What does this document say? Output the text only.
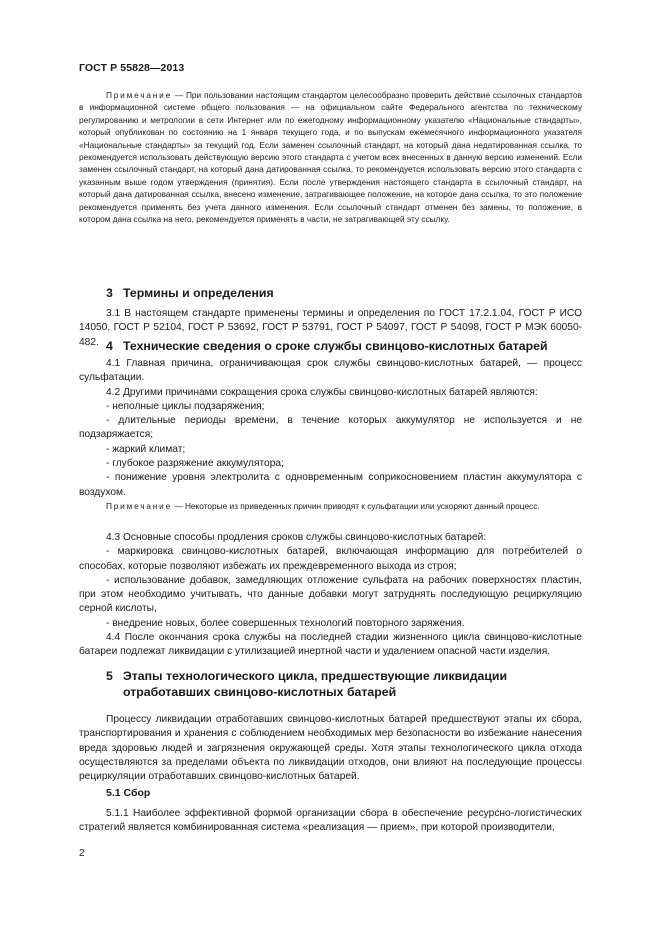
ГОСТ Р 55828—2013

Примечание — При пользовании настоящим стандартом целесообразно проверить действие ссылочных стандартов в информационной системе общего пользования — на официальном сайте Федерального агентства по техническому регулированию и метрологии в сети Интернет или по ежегодному информационному указателю «Национальные стандарты», который опубликован по состоянию на 1 января текущего года, и по выпускам ежемесячного информационного указателя «Национальные стандарты» за текущий год. Если заменен ссылочный стандарт, на который дана недатированная ссылка, то рекомендуется использовать действующую версию этого стандарта с учетом всех внесенных в данную версию изменений. Если заменен ссылочный стандарт, на который дана датированная ссылка, то рекомендуется использовать версию этого стандарта с указанным выше годом утверждения (принятия). Если после утверждения настоящего стандарта в ссылочный стандарт, на который дана датированная ссылка, внесено изменение, затрагивающее положение, на которое дана ссылка, то это положение рекомендуется применять без учета данного изменения. Если ссылочный стандарт отменен без замены, то положение, в котором дана ссылка на него, рекомендуется применять в части, не затрагивающей эту ссылку.

3 Термины и определения

3.1 В настоящем стандарте применены термины и определения по ГОСТ 17.2.1.04, ГОСТ Р ИСО 14050, ГОСТ Р 52104, ГОСТ Р 53692, ГОСТ Р 53791, ГОСТ Р 54097, ГОСТ Р 54098, ГОСТ Р МЭК 60050-482. 4 Технические сведения о сроке службы свинцово-кислотных батарей

4.1 Главная причина, ограничивающая срок службы свинцово-кислотных батарей, — процесс сульфатации.

4.2 Другими причинами сокращения срока службы свинцово-кислотных батарей являются:

- неполные циклы подзаряжения;

- длительные периоды времени, в течение которых аккумулятор не используется и не подзаряжается;

- жаркий климат;

- глубокое разряжение аккумулятора;

- понижение уровня электролита с одновременным соприкосновением пластин аккумулятора с воздухом.

Примечание — Некоторые из приведенных причин приводят к сульфатации или ускоряют данный процесс.

4.3 Основные способы продления сроков службы свинцово-кислотных батарей:

- маркировка свинцово-кислотных батарей, включающая информацию для потребителей о способах, которые позволяют избежать их преждевременного выхода из строя;

- использование добавок, замедляющих отложение сульфата на рабочих поверхностях пластин, при этом необходимо учитывать, что данные добавки могут затруднять последующую рециркуляцию серной кислоты,

- внедрение новых, более совершенных технологий повторного заряжения.

4.4 После окончания срока службы на последней стадии жизненного цикла свинцово-кислотные батареи подлежат ликвидации с утилизацией инертной части и удалением опасной части изделия.

5 Этапы технологического цикла, предшествующие ликвидации
отработавших свинцово-кислотных батарей

Процессу ликвидации отработавших свинцово-кислотных батарей предшествуют этапы их сбора, транспортирования и хранения с соблюдением необходимых мер безопасности во избежание нанесения вреда здоровью людей и загрязнения окружающей среды. Хотя этапы технологического цикла отхода осуществляются за пределами объекта по ликвидации отходов, они влияют на последующие процессы рециркуляции отработавших свинцово-кислотных батарей.

5.1 Сбор

5.1.1 Наиболее эффективной формой организации сбора в обеспечение ресурсно-логистических стратегий является комбинированная система «реализация — прием», при которой производители,

2
